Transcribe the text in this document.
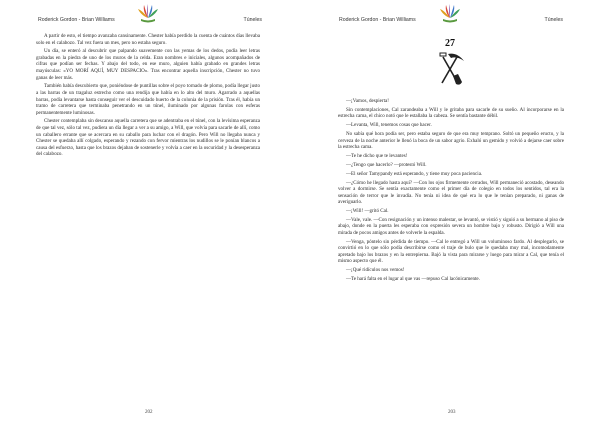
Roderick Gordon - Brian Williams	Túneles

A partir de esto, el tiempo avanzaba cansinamente. Chester había perdido la cuenta de cuántos días llevaba solo en el calabozo. Tal vez fuera un mes, pero no estaba seguro.

Un día, se enteró al descubrir que palpando suavemente con las yemas de los dedos, podía leer letras grabadas en la piedra de uno de los muros de la celda. Eran nombres e iniciales, algunos acompañados de cifras que podían ser fechas. Y abajo del todo, en ese muro, alguien había grabado en grandes letras mayúsculas: «YO MORÍ AQUÍ, MUY DESPACIO». Tras encontrar aquella inscripción, Chester no tuvo ganas de leer más.

También había descubierto que, poniéndose de puntillas sobre el poyo tornado de plomo, podía llegar justo a las barras de un tragaluz estrecho como una rendija que había en lo alto del muro. Agarrado a aquellas barras, podía levantarse hasta conseguir ver el descuidado huerto de la colonia de la prisión. Tras él, había un tramo de carretera que terminaba penetrando en un túnel, iluminado por algunas farolas con esferas permanentemente luminosas.

Chester contemplaba sin descanso aquella carretera que se adentraba en el túnel, con la levísima esperanza de que tal vez, sólo tal vez, pudiera un día llegar a ver a su amigo, a Will, que volvía para sacarle de allí, como un caballero errante que se acercara en su caballo para luchar con el dragón. Pero Will no llegaba nunca y Chester se quedaba allí colgado, esperando y rezando con fervor mientras los nudillos se le ponían blancos a causa del esfuerzo, hasta que los brazos dejaban de sostenerle y volvía a caer en la oscuridad y la desesperanza del calabozo.

202
Roderick Gordon - Brian Williams	Túneles
27

—¡Vamos, despierta!

Sin contemplaciones, Cal zarandeaba a Will y le gritaba para sacarle de su sueño. Al incorporarse en la estrecha cama, el chico notó que le estallaba la cabeza. Se sentía bastante débil.

—Levanta, Will, tenemos cosas que hacer.

No sabía qué hora podía ser, pero estaba seguro de que era muy temprano. Soltó un pequeño eructo, y la cerveza de la noche anterior le llenó la boca de un sabor agrio. Exhaló un gemido y volvió a dejarse caer sobre la estrecha cama.

—Te he dicho que te levantes!

—¿Tengo que hacerlo? —protestó Will.

—El señor Tamypandy está esperando, y tiene muy poca paciencia.

—¿Cómo he llegado hasta aquí? —Con los ojos firmemente cerrados, Will permaneció acostado, deseando volver a dormirse. Se sentía exactamente como el primer día de colegio en todos los sentidos, tal era la sensación de terror que le invadía. No tenía ni idea de qué era lo que le tenían preparado, ni ganas de averiguarlo.

—¡Will! —gritó Cal.

—Vale, vale. —Con resignación y un intenso malestar, se levantó, se vistió y siguió a su hermano al piso de abajo, donde en la puerta les esperaba con expresión severa un hombre bajo y robusto. Dirigió a Will una mirada de pocos amigos antes de volverle la espalda.

—Venga, póntelo sin pérdida de tiempo. —Cal le entregó a Will un voluminoso fardo. Al desplegarlo, se convirtió en lo que sólo podía describirse como el traje de bulo que le quedaba muy mal, incomodamente apretado bajo los brazos y en la entrepierna. Bajó la vista para mirarse y luego para mirar a Cal, que tenía el mismo aspecto que él.

—¡Qué ridículos nos vemos!

—Te hará falta en el lugar al que vas —repuso Cal lacónicamente.

203
